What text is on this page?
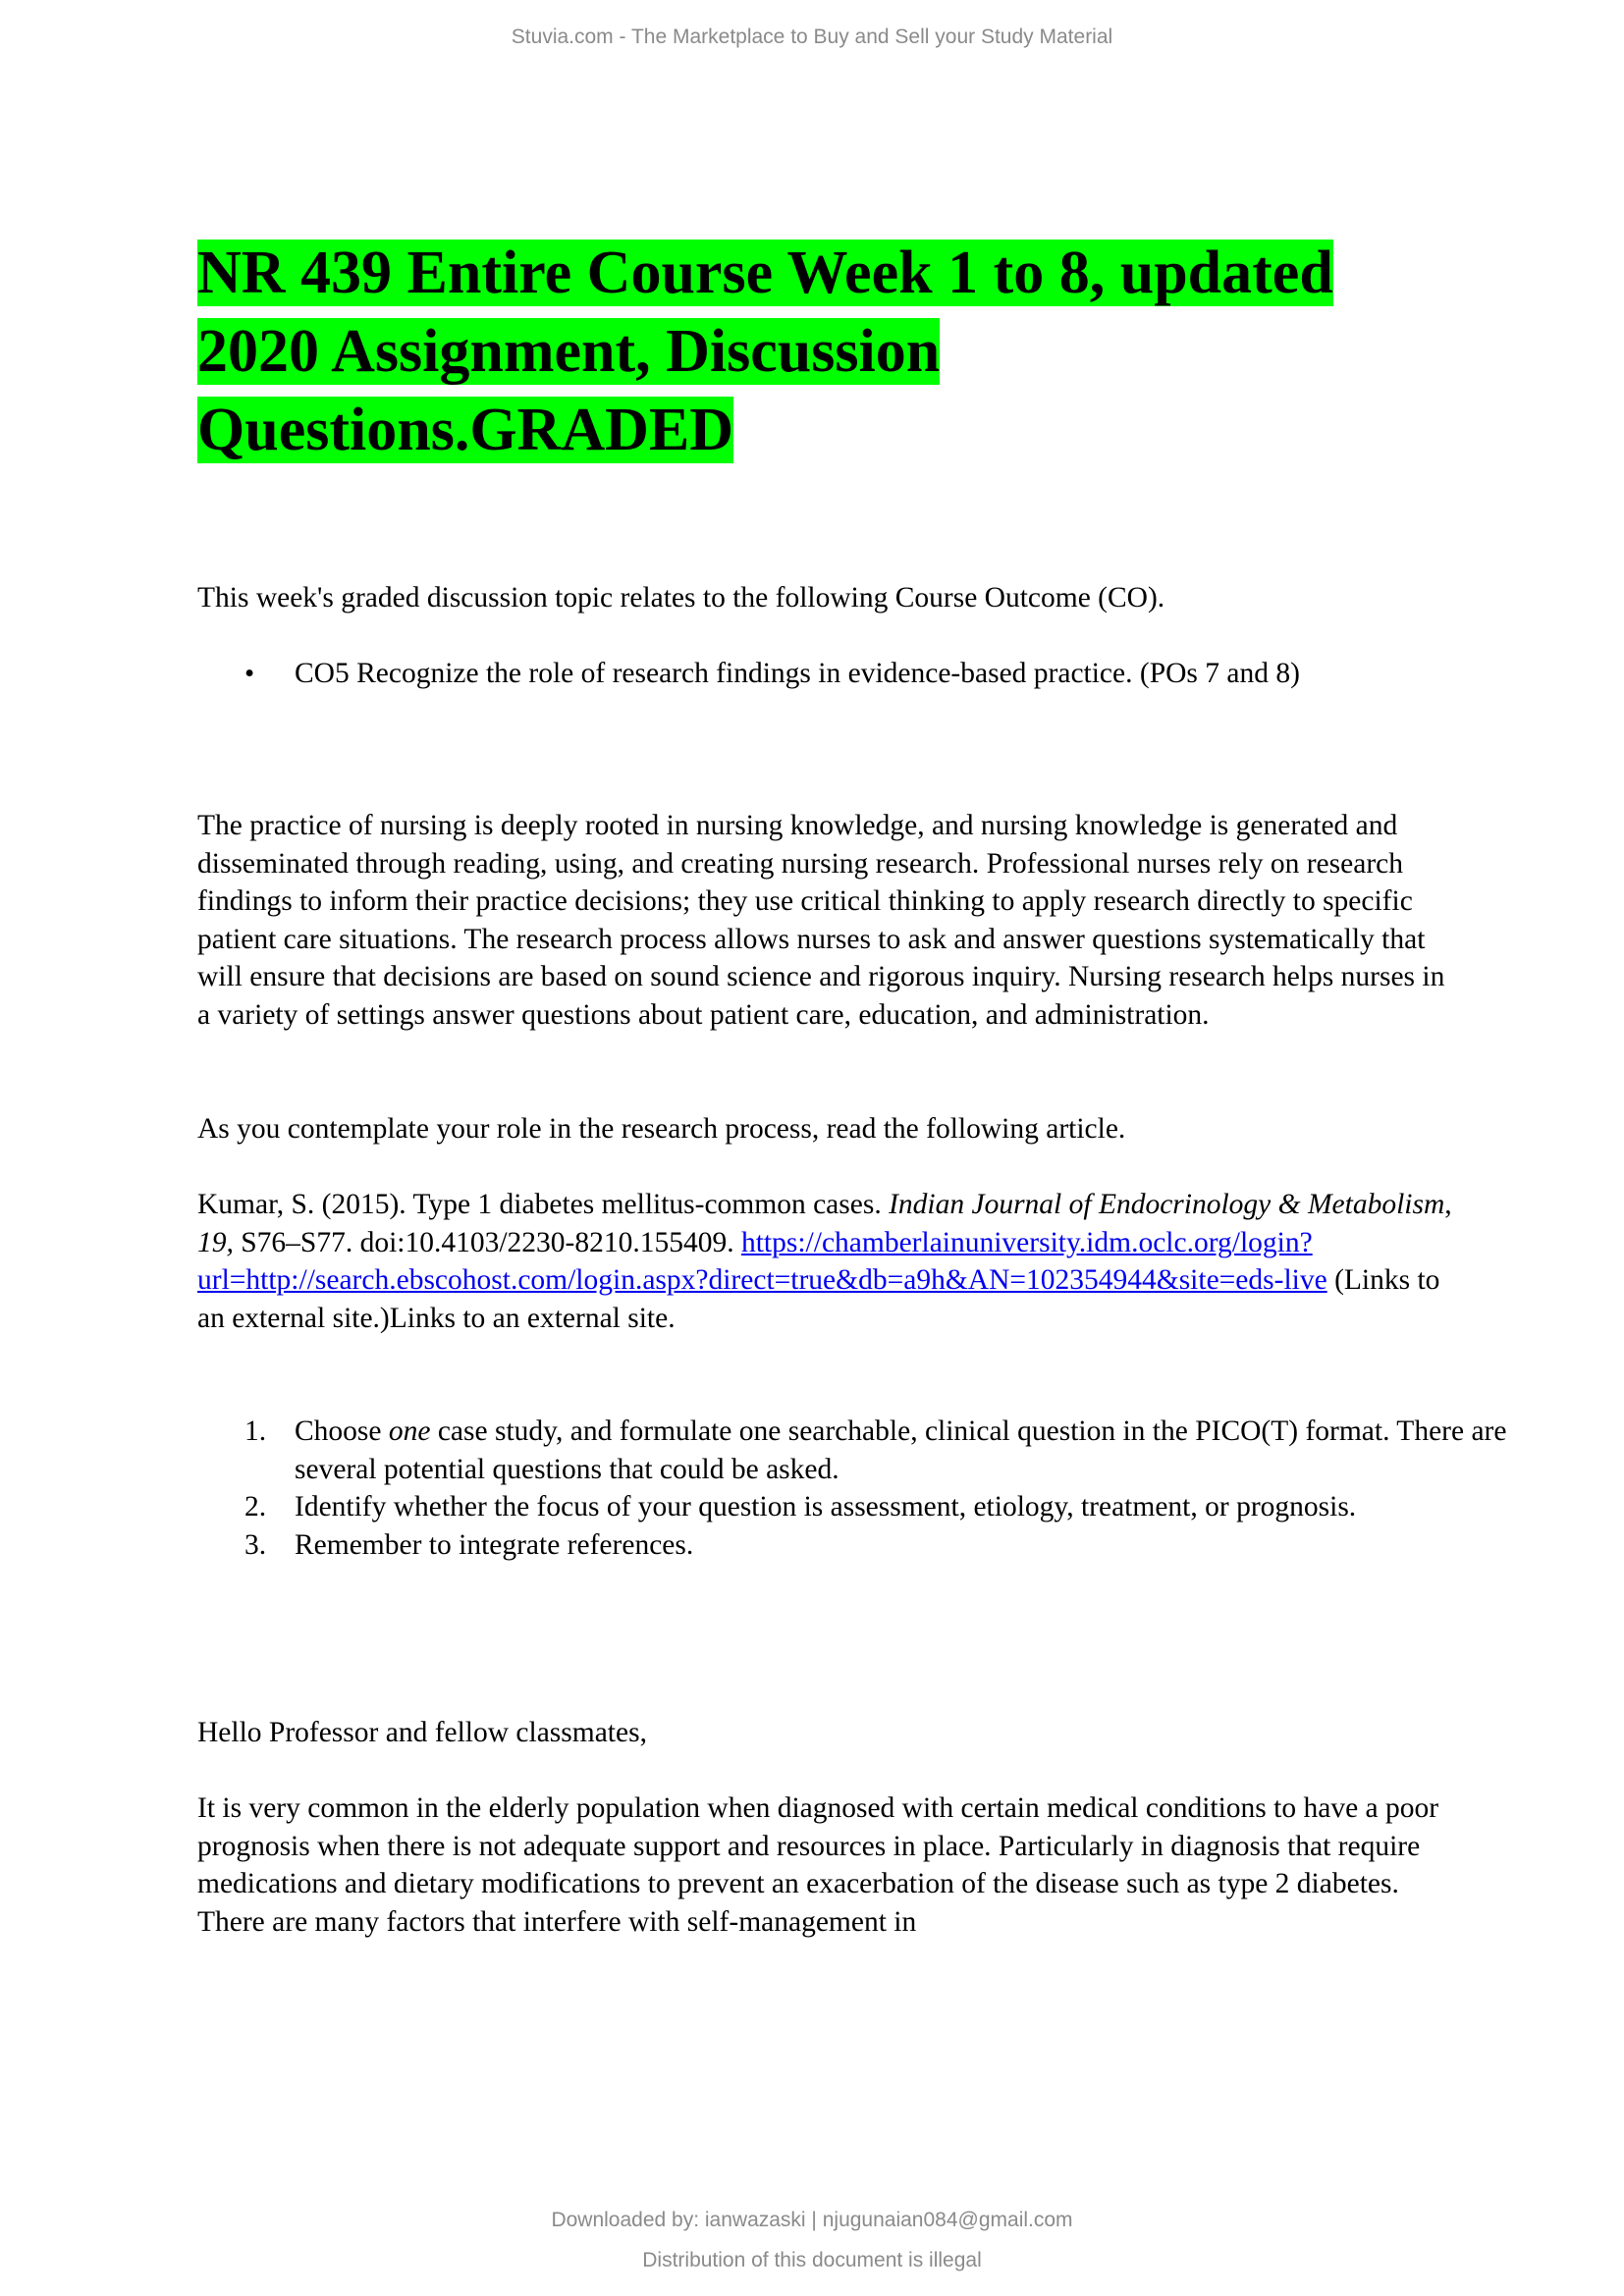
Stuvia.com - The Marketplace to Buy and Sell your Study Material
NR 439 Entire Course Week 1 to 8, updated 2020 Assignment, Discussion Questions.GRADED

This week's graded discussion topic relates to the following Course Outcome (CO).

• CO5 Recognize the role of research findings in evidence-based practice. (POs 7 and 8)

The practice of nursing is deeply rooted in nursing knowledge, and nursing knowledge is generated and disseminated through reading, using, and creating nursing research. Professional nurses rely on research findings to inform their practice decisions; they use critical thinking to apply research directly to specific patient care situations. The research process allows nurses to ask and answer questions systematically that will ensure that decisions are based on sound science and rigorous inquiry. Nursing research helps nurses in a variety of settings answer questions about patient care, education, and administration.

As you contemplate your role in the research process, read the following article.

Kumar, S. (2015). Type 1 diabetes mellitus-common cases. Indian Journal of Endocrinology & Metabolism, 19, S76–S77. doi:10.4103/2230-8210.155409. https://chamberlainuniversity.idm.oclc.org/login?url=http://search.ebscohost.com/login.aspx?direct=true&db=a9h&AN=102354944&site=eds-live (Links to an external site.)Links to an external site.

1. Choose one case study, and formulate one searchable, clinical question in the PICO(T) format. There are several potential questions that could be asked.
2. Identify whether the focus of your question is assessment, etiology, treatment, or prognosis.
3. Remember to integrate references.

Hello Professor and fellow classmates,

It is very common in the elderly population when diagnosed with certain medical conditions to have a poor prognosis when there is not adequate support and resources in place. Particularly in diagnosis that require medications and dietary modifications to prevent an exacerbation of the disease such as type 2 diabetes. There are many factors that interfere with self-management in

Downloaded by: ianwazaski | njugunaian084@gmail.com
Distribution of this document is illegal
